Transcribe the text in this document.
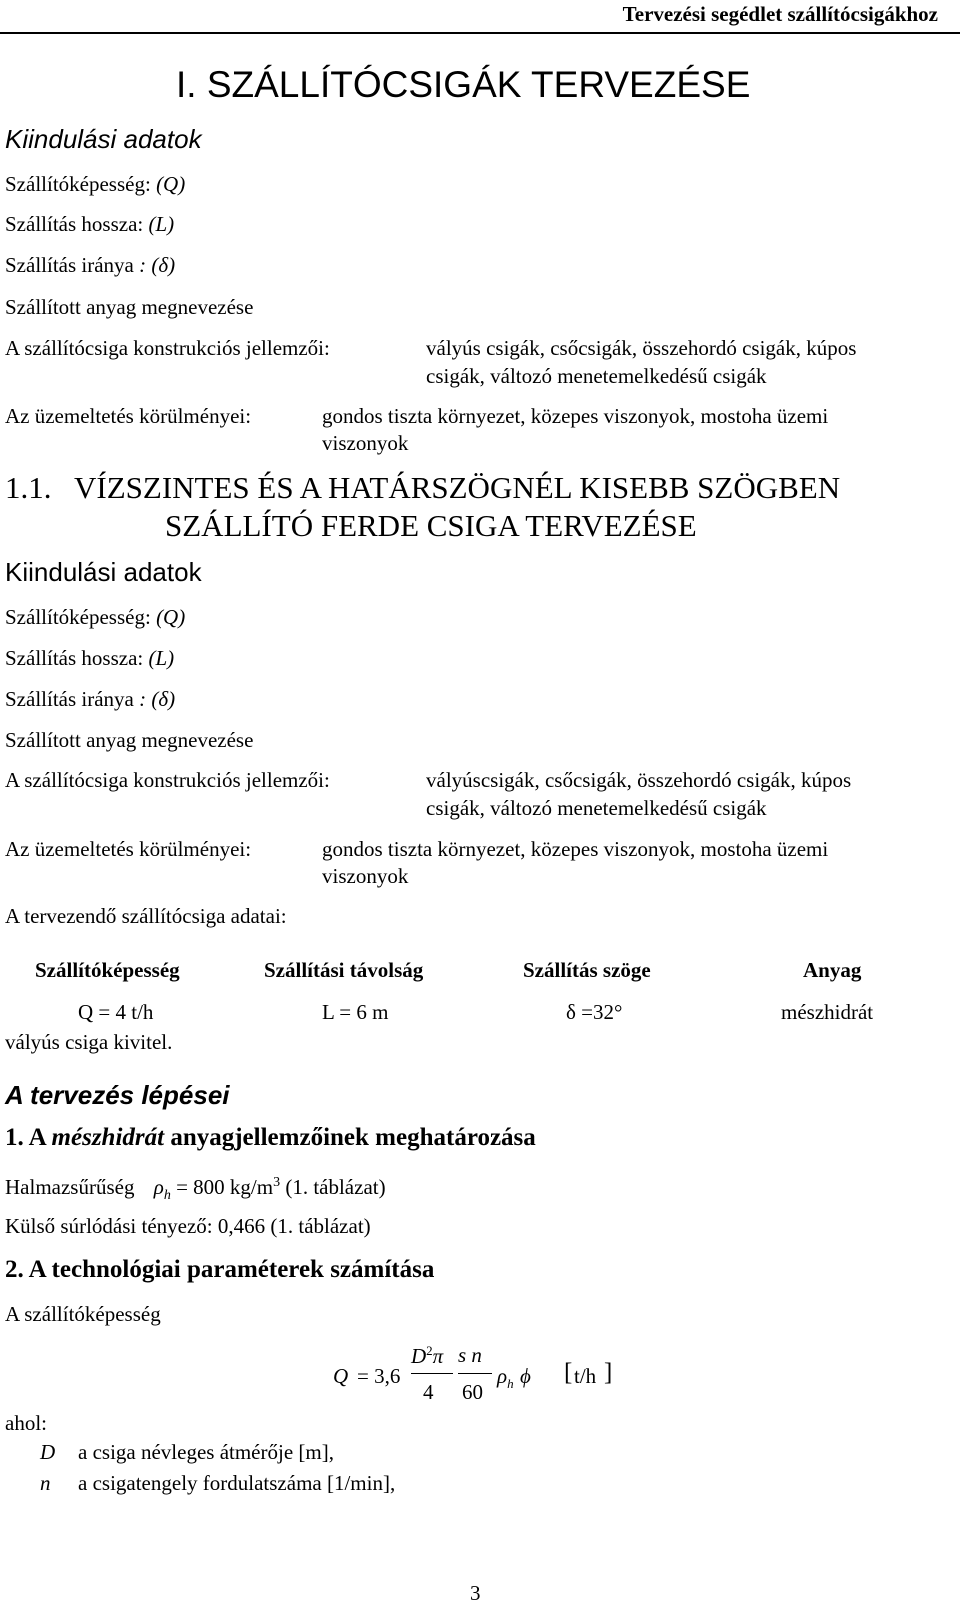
Tervezési segédlet szállítócsigákhoz
I. SZÁLLÍTÓCSIGÁK TERVEZÉSE
Kiindulási adatok
Szállítóképesség: (Q)
Szállítás hossza: (L)
Szállítás iránya : (δ)
Szállított anyag megnevezése
A szállítócsiga konstrukciós jellemzői:	vályús csigák, csőcsigák, összehordó csigák, kúpos
csigák, változó menetemelkedésű csigák
Az üzemeltetés körülményei:	gondos tiszta környezet, közepes viszonyok, mostoha üzemi
viszonyok
1.1. VÍZSZINTES ÉS A HATÁRSZÖGNÉL KISEBB SZÖGBEN
SZÁLLÍTÓ FERDE CSIGA TERVEZÉSE
Kiindulási adatok
Szállítóképesség: (Q)
Szállítás hossza: (L)
Szállítás iránya : (δ)
Szállított anyag megnevezése
A szállítócsiga konstrukciós jellemzői:	vályúscsigák, csőcsigák, összehordó csigák, kúpos
csigák, változó menetemelkedésű csigák
Az üzemeltetés körülményei:	gondos tiszta környezet, közepes viszonyok, mostoha üzemi
viszonyok
A tervezendő szállítócsiga adatai:
Szállítóképesség	Szállítási távolság	Szállítás szöge	Anyag
Q = 4 t/h	L = 6 m	δ =32°	mészhidrát
vályús csiga kivitel.
A tervezés lépései
1. A mészhidrát anyagjellemzőinek meghatározása
Halmazsűrűség $\rho_h = 800$ $kg/m^3$ (1. táblázat)
Külső súrlódási tényező: 0,466 (1. táblázat)
2. A technológiai paraméterek számítása
A szállítóképesség
Q = 3,6
$D^2\pi$
4
s n
60
$\rho_h$ ϕ [ t/h ]
ahol:
D a csiga névleges átmérője [m],
n a csigatengely fordulatszáma [1/min],
3
